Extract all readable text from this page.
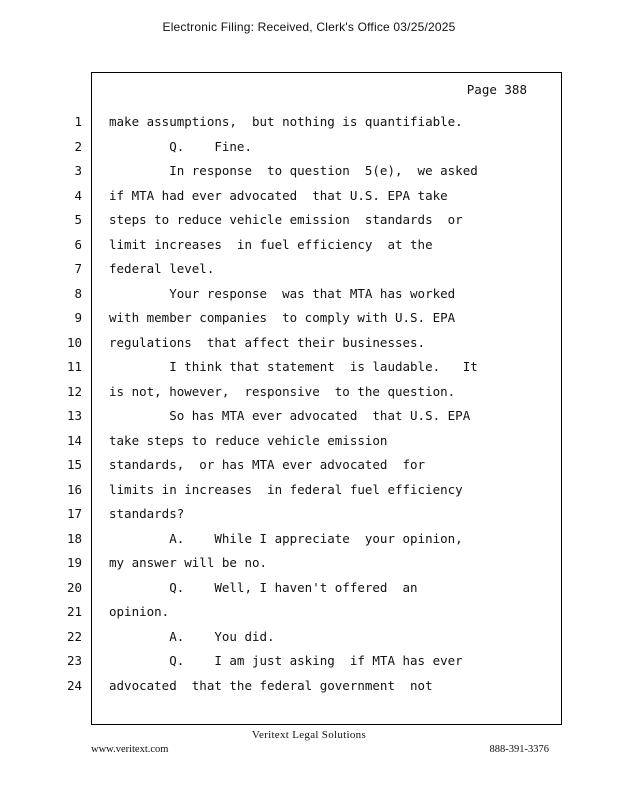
Electronic Filing: Received, Clerk's Office 03/25/2025
Page 388
1 make assumptions,  but nothing is quantifiable.
2 Q.    Fine.
3 In response  to question  5(e),  we asked
4 if MTA had ever advocated  that U.S. EPA take
5 steps to reduce vehicle emission  standards  or
6 limit increases  in fuel efficiency  at the
7 federal level.
8 Your response  was that MTA has worked
9 with member companies  to comply with U.S. EPA
10 regulations  that affect their businesses.
11 I think that statement  is laudable.   It
12 is not, however,  responsive  to the question.
13 So has MTA ever advocated  that U.S. EPA
14 take steps to reduce vehicle emission
15 standards,  or has MTA ever advocated  for
16 limits in increases  in federal fuel efficiency
17 standards?
18 A.    While I appreciate  your opinion,
19 my answer will be no.
20 Q.    Well, I haven't offered  an
21 opinion.
22 A.    You did.
23 Q.    I am just asking  if MTA has ever
24 advocated  that the federal government  not
Veritext Legal Solutions
www.veritext.com	888-391-3376
